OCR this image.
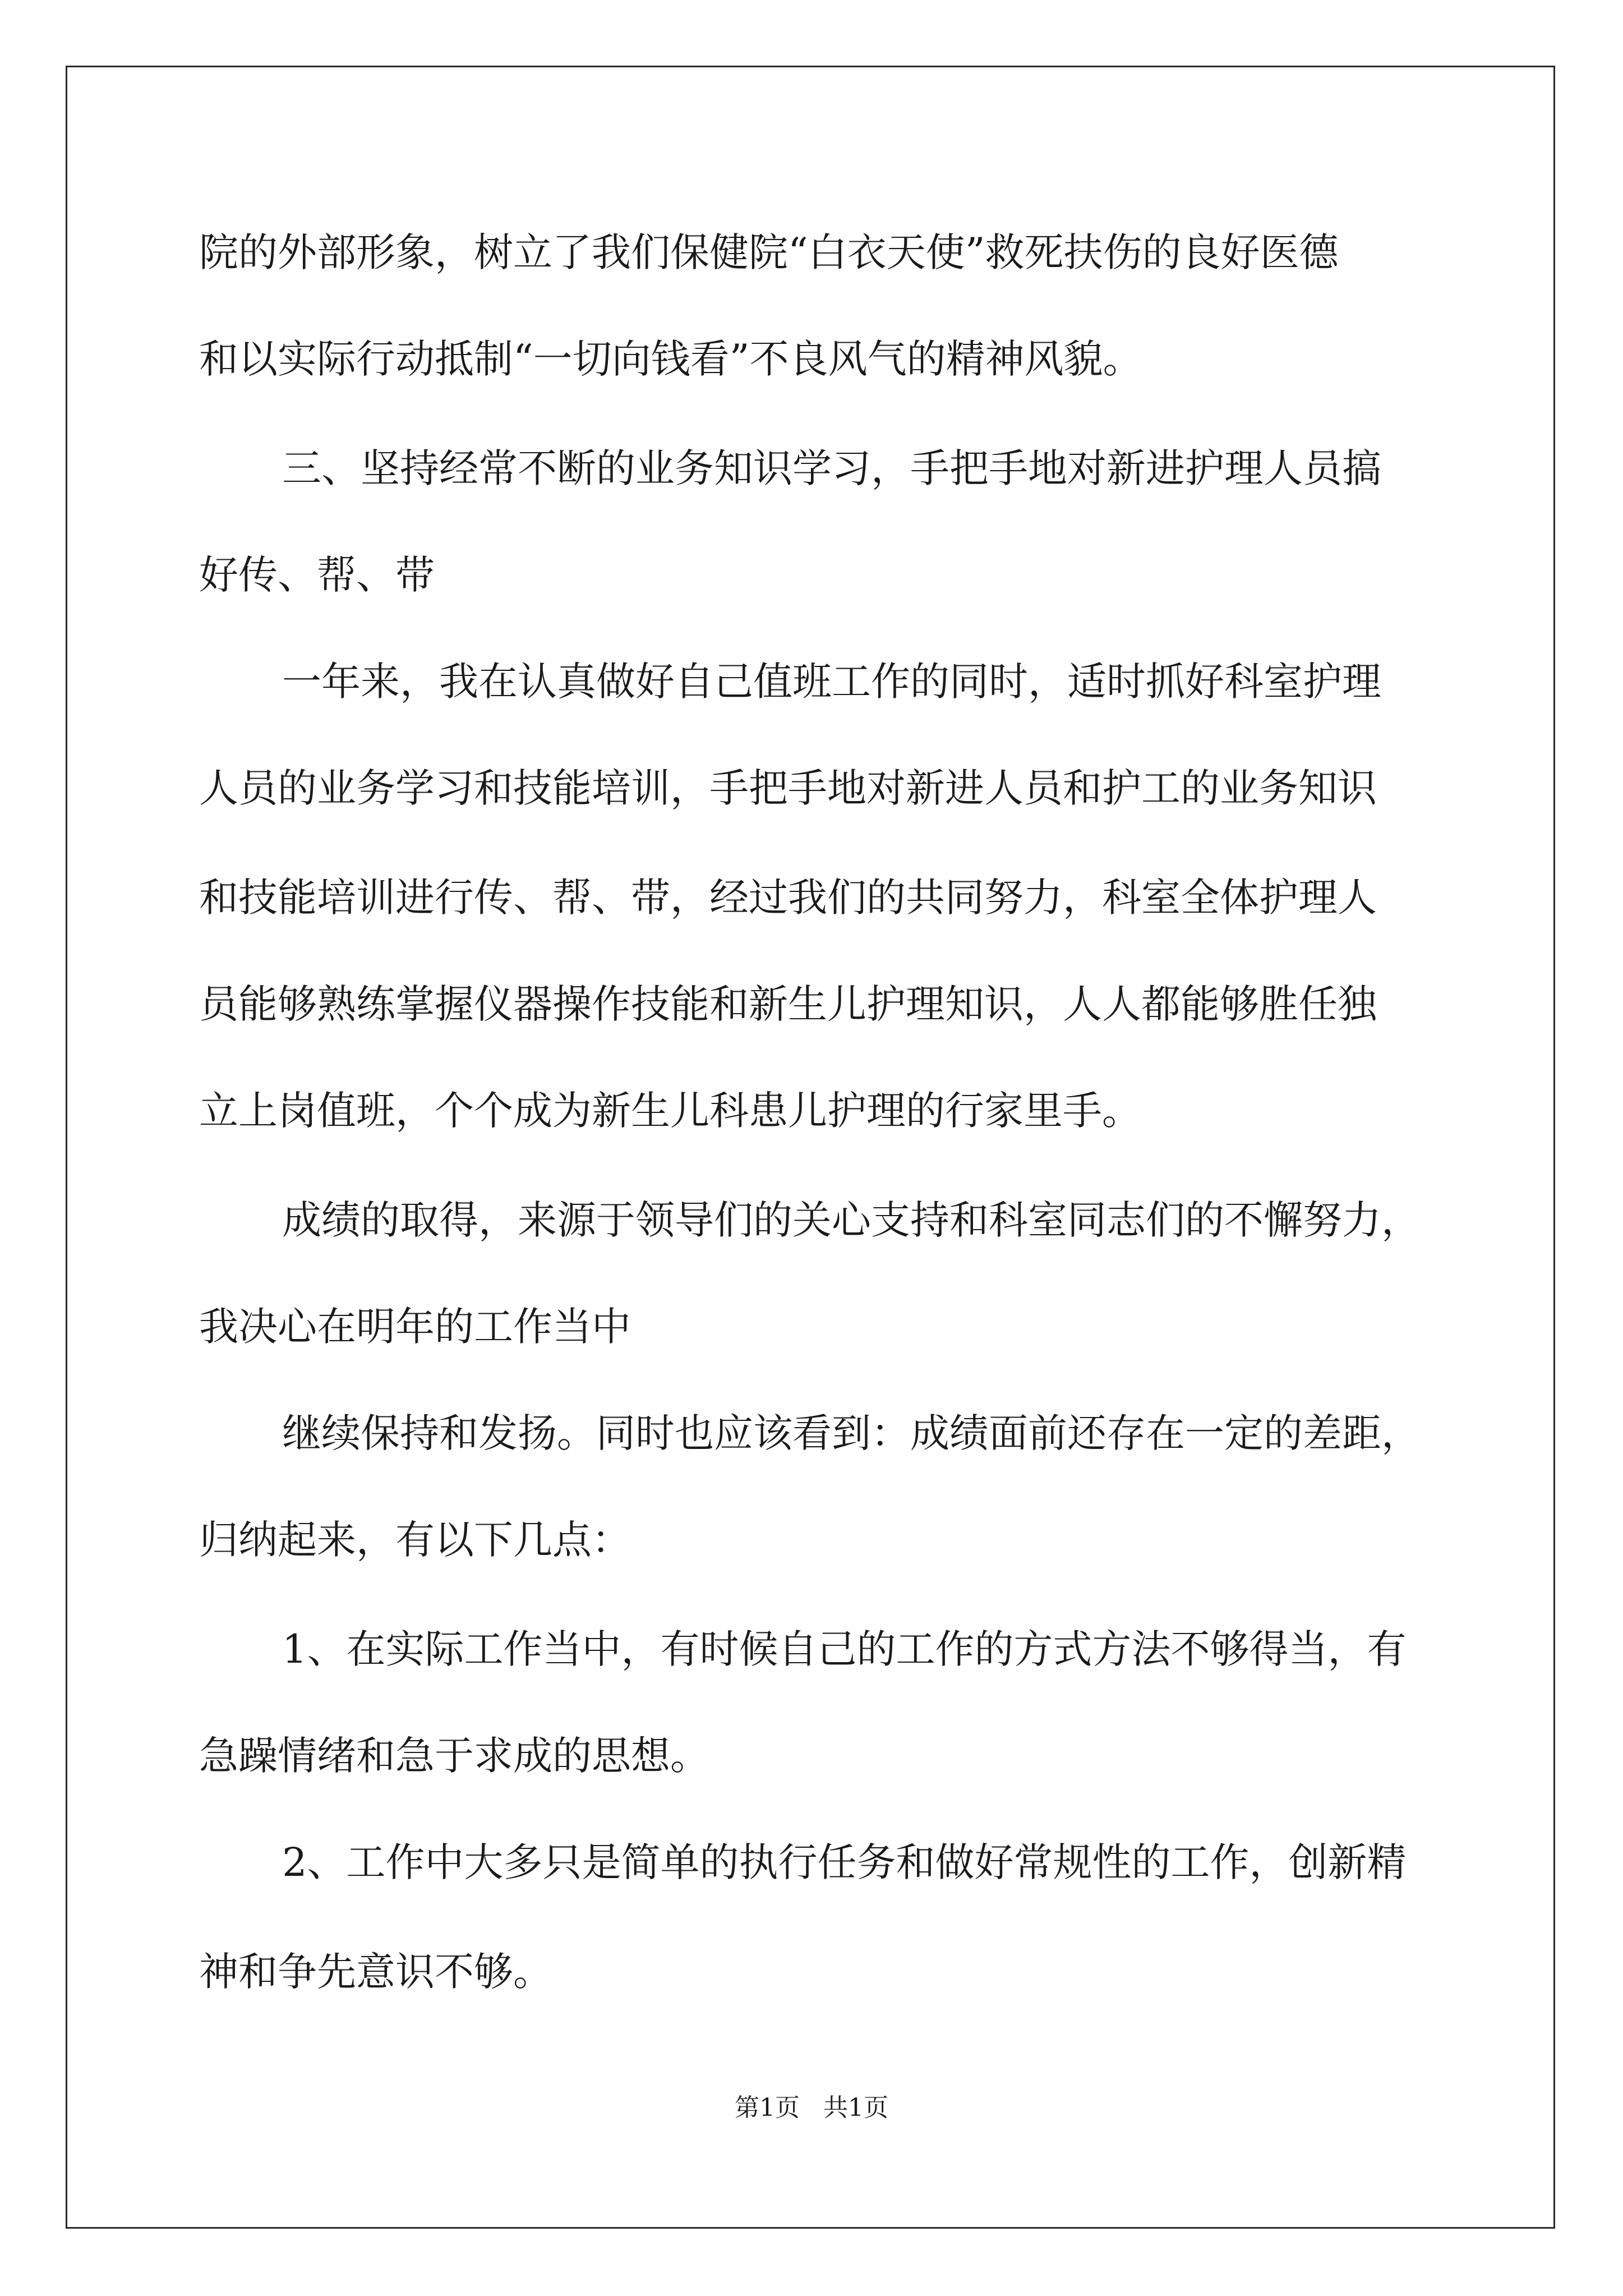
院的外部形象，树立了我们保健院“白衣天使”救死扶伤的良好医德
和以实际行动抵制“一切向钱看”不良风气的精神风貌。
三、坚持经常不断的业务知识学习，手把手地对新进护理人员搞
好传、帮、带
一年来，我在认真做好自己值班工作的同时，适时抓好科室护理
人员的业务学习和技能培训，手把手地对新进人员和护工的业务知识
和技能培训进行传、帮、带，经过我们的共同努力，科室全体护理人
员能够熟练掌握仪器操作技能和新生儿护理知识，人人都能够胜任独
立上岗值班，个个成为新生儿科患儿护理的行家里手。
成绩的取得，来源于领导们的关心支持和科室同志们的不懈努力，
我决心在明年的工作当中
继续保持和发扬。同时也应该看到：成绩面前还存在一定的差距，
归纳起来，有以下几点：
1、在实际工作当中，有时候自己的工作的方式方法不够得当，有
急躁情绪和急于求成的思想。
2、工作中大多只是简单的执行任务和做好常规性的工作，创新精
神和争先意识不够。
第1页   共1页
